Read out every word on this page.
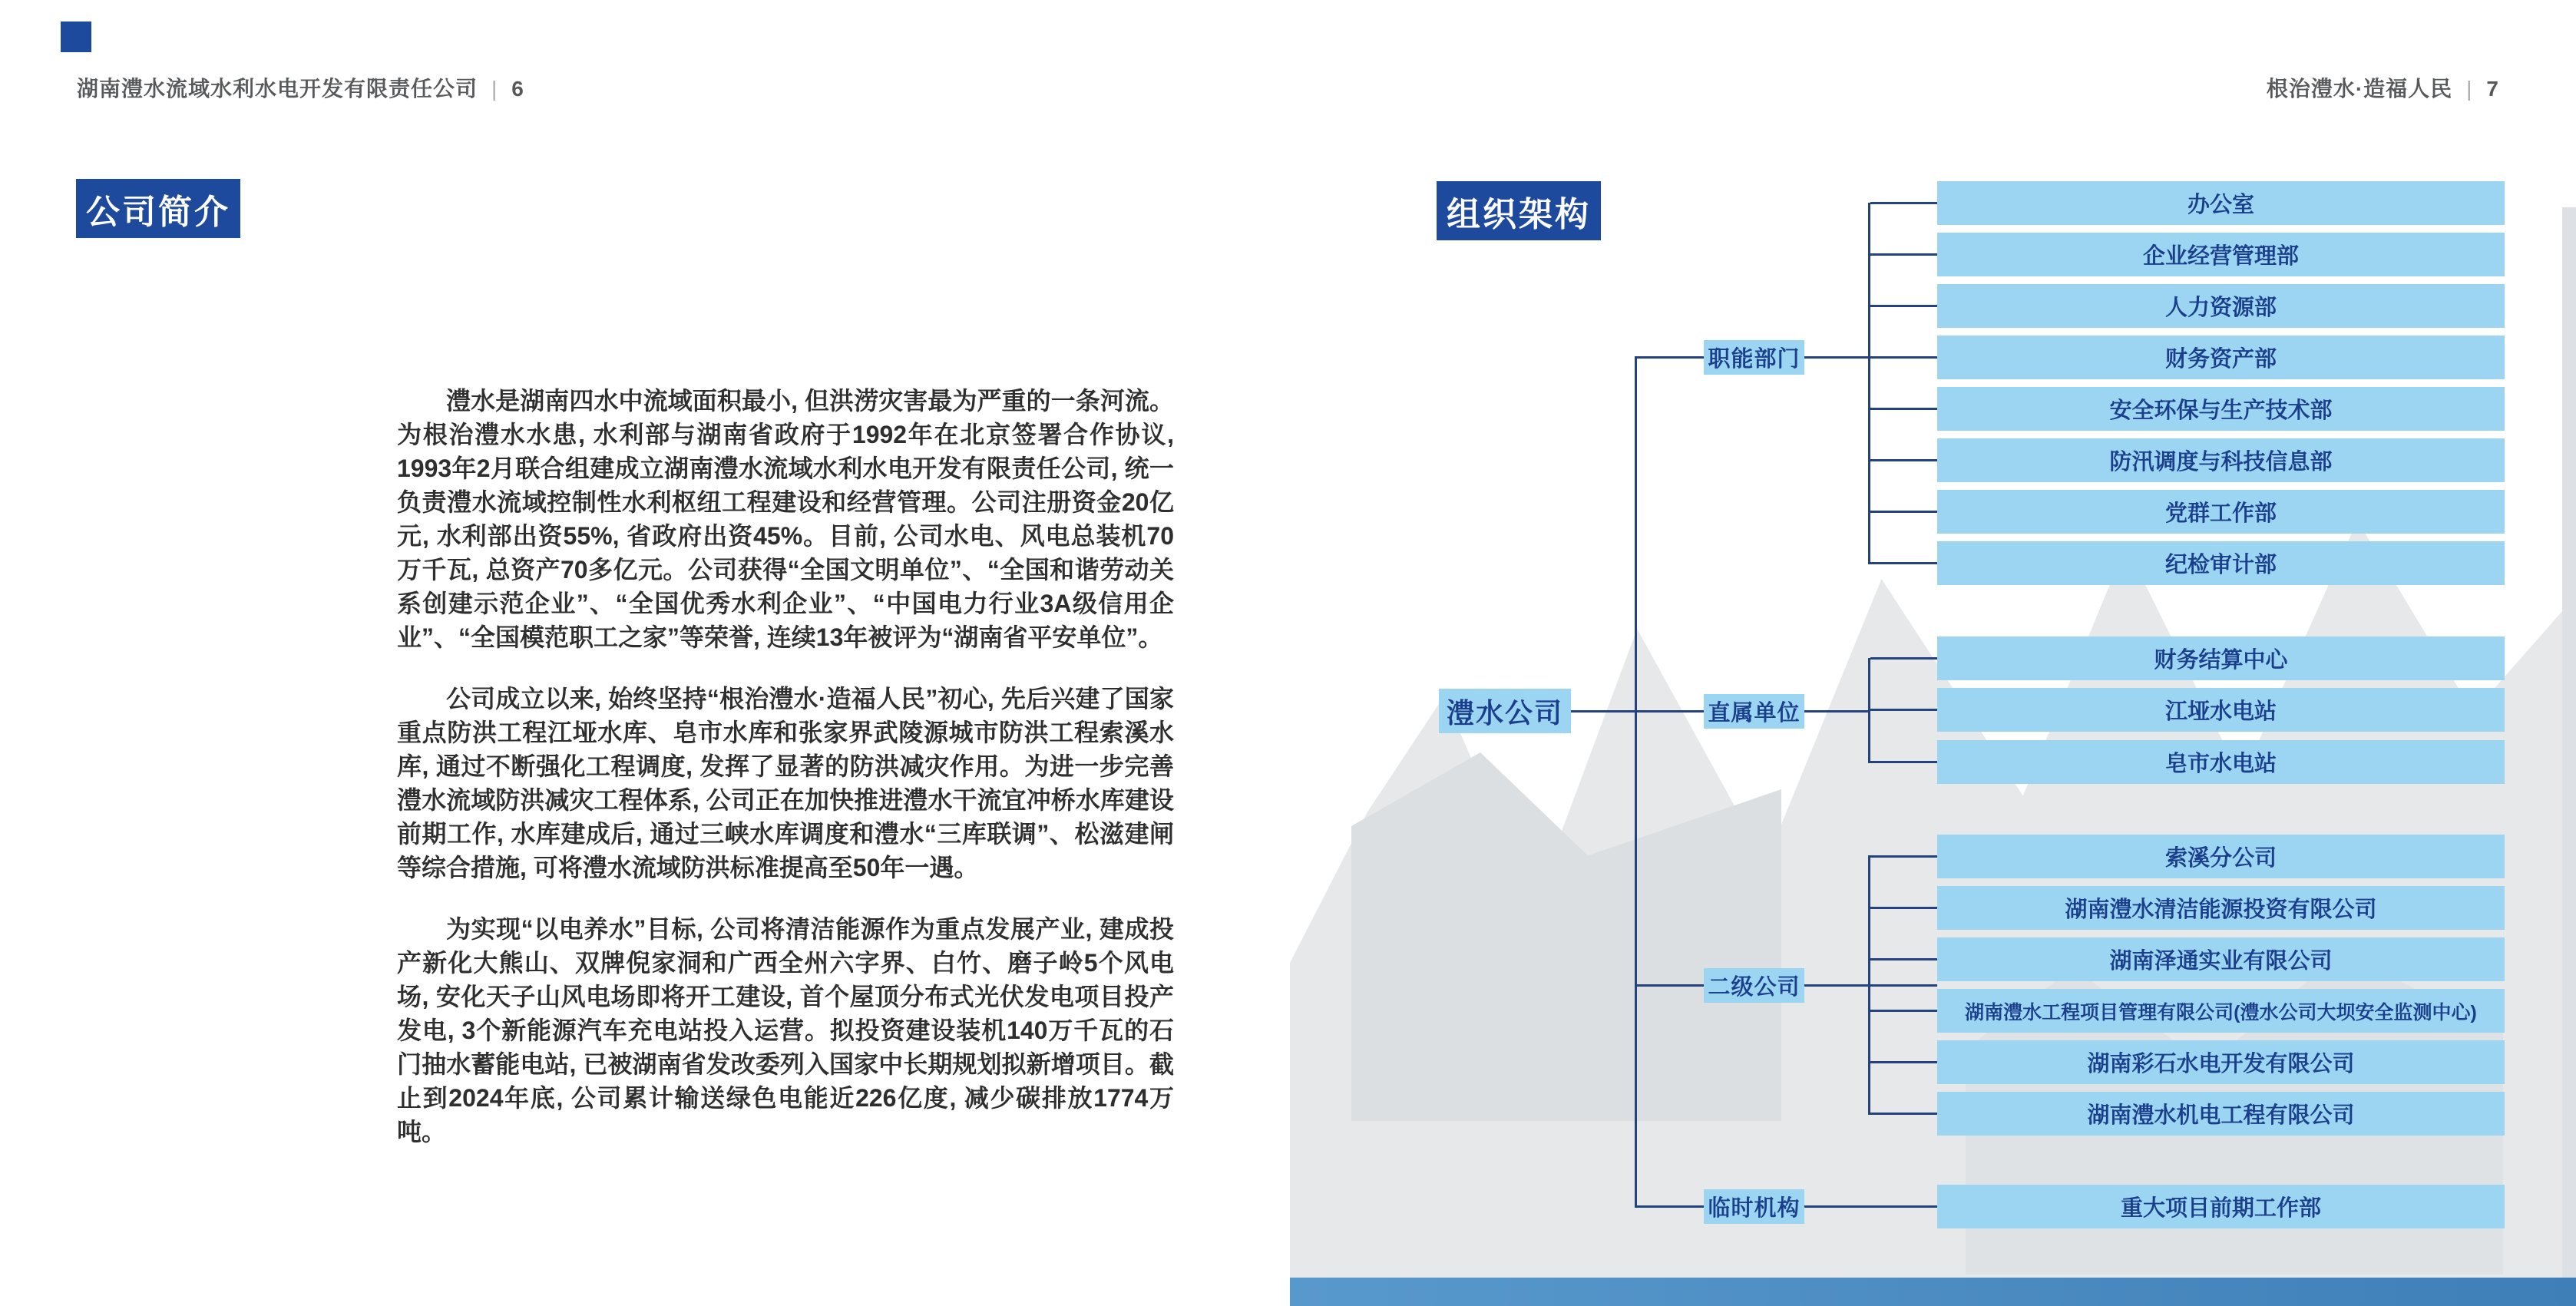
湖南澧水流域水利水电开发有限责任公司 | 6	根治澧水·造福人民 | 7
公司简介

澧水是湖南四水中流域面积最小, 但洪涝灾害最为严重的一条河流。为根治澧水水患, 水利部与湖南省政府于1992年在北京签署合作协议, 1993年2月联合组建成立湖南澧水流域水利水电开发有限责任公司, 统一负责澧水流域控制性水利枢纽工程建设和经营管理。公司注册资金20亿元, 水利部出资55%, 省政府出资45%。目前, 公司水电、风电总装机70万千瓦, 总资产70多亿元。公司获得“全国文明单位”、“全国和谐劳动关系创建示范企业”、“全国优秀水利企业”、“中国电力行业3A级信用企业”、“全国模范职工之家”等荣誉, 连续13年被评为“湖南省平安单位”。

公司成立以来, 始终坚持“根治澧水·造福人民”初心, 先后兴建了国家重点防洪工程江垭水库、皂市水库和张家界武陵源城市防洪工程索溪水库, 通过不断强化工程调度, 发挥了显著的防洪减灾作用。为进一步完善澧水流域防洪减灾工程体系, 公司正在加快推进澧水干流宜冲桥水库建设前期工作, 水库建成后, 通过三峡水库调度和澧水“三库联调”、松滋建闸等综合措施, 可将澧水流域防洪标准提高至50年一遇。

为实现“以电养水”目标, 公司将清洁能源作为重点发展产业, 建成投产新化大熊山、双牌倪家洞和广西全州六字界、白竹、磨子岭5个风电场, 安化天子山风电场即将开工建设, 首个屋顶分布式光伏发电项目投产发电, 3个新能源汽车充电站投入运营。拟投资建设装机140万千瓦的石门抽水蓄能电站, 已被湖南省发改委列入国家中长期规划拟新增项目。截止到2024年底, 公司累计输送绿色电能近226亿度, 减少碳排放1774万吨。

组织架构
澧水公司
职能部门
直属单位
二级公司
临时机构
办公室
企业经营管理部
人力资源部
财务资产部
安全环保与生产技术部
防汛调度与科技信息部
党群工作部
纪检审计部
财务结算中心
江垭水电站
皂市水电站
索溪分公司
湖南澧水清洁能源投资有限公司
湖南泽通实业有限公司
湖南澧水工程项目管理有限公司(澧水公司大坝安全监测中心)
湖南彩石水电开发有限公司
湖南澧水机电工程有限公司
重大项目前期工作部
